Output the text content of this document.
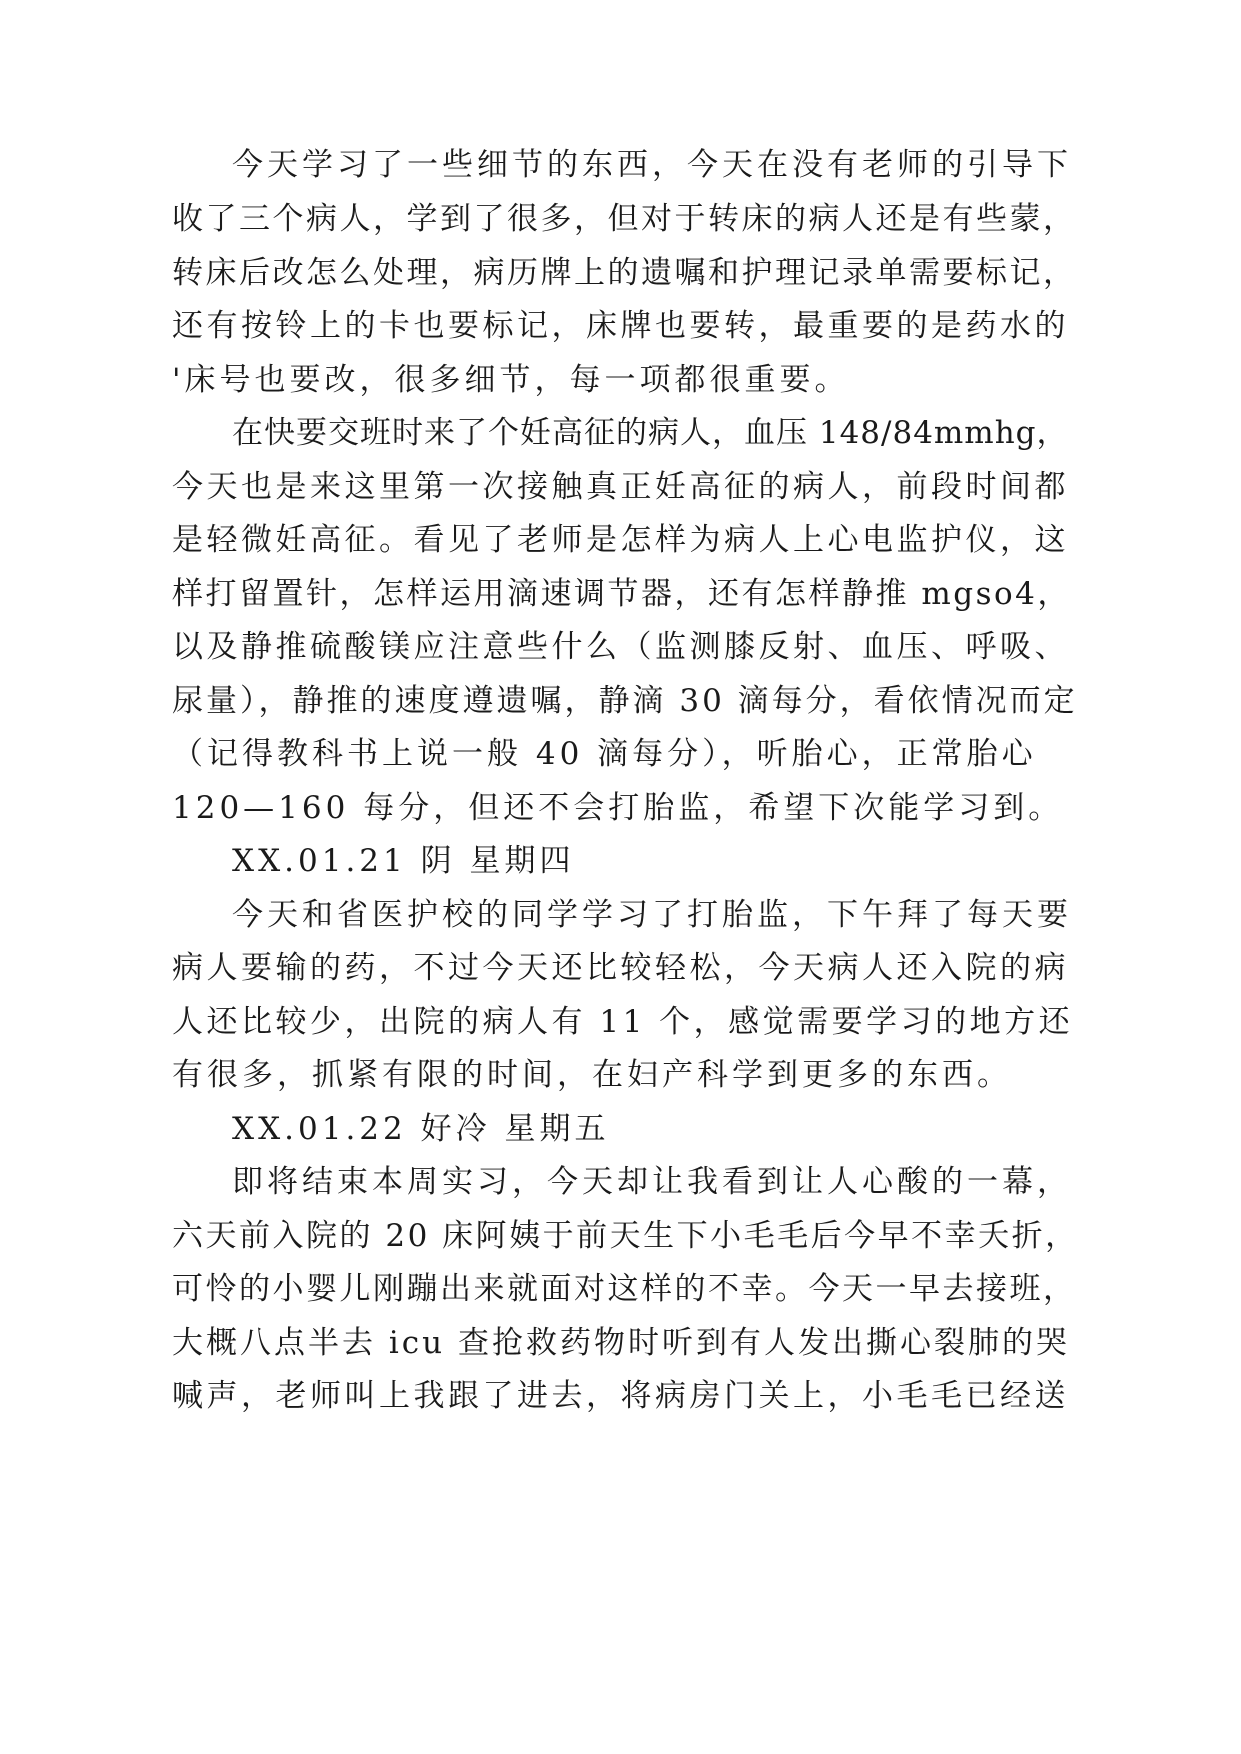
今天学习了一些细节的东西，今天在没有老师的引导下
收了三个病人，学到了很多，但对于转床的病人还是有些蒙，
转床后改怎么处理，病历牌上的遗嘱和护理记录单需要标记，
还有按铃上的卡也要标记，床牌也要转，最重要的是药水的
'床号也要改，很多细节，每一项都很重要。
在快要交班时来了个妊高征的病人，血压 148/84mmhg，
今天也是来这里第一次接触真正妊高征的病人，前段时间都
是轻微妊高征。看见了老师是怎样为病人上心电监护仪，这
样打留置针，怎样运用滴速调节器，还有怎样静推 mgso4，
以及静推硫酸镁应注意些什么（监测膝反射、血压、呼吸、
尿量），静推的速度遵遗嘱，静滴 30 滴每分，看依情况而定
（记得教科书上说一般 40 滴每分），听胎心，正常胎心
120—160 每分，但还不会打胎监，希望下次能学习到。
XX.01.21 阴 星期四
今天和省医护校的同学学习了打胎监，下午拜了每天要
病人要输的药，不过今天还比较轻松，今天病人还入院的病
人还比较少，出院的病人有 11 个，感觉需要学习的地方还
有很多，抓紧有限的时间，在妇产科学到更多的东西。
XX.01.22 好冷 星期五
即将结束本周实习，今天却让我看到让人心酸的一幕，
六天前入院的 20 床阿姨于前天生下小毛毛后今早不幸夭折，
可怜的小婴儿刚蹦出来就面对这样的不幸。今天一早去接班，
大概八点半去 icu 查抢救药物时听到有人发出撕心裂肺的哭
喊声，老师叫上我跟了进去，将病房门关上，小毛毛已经送
